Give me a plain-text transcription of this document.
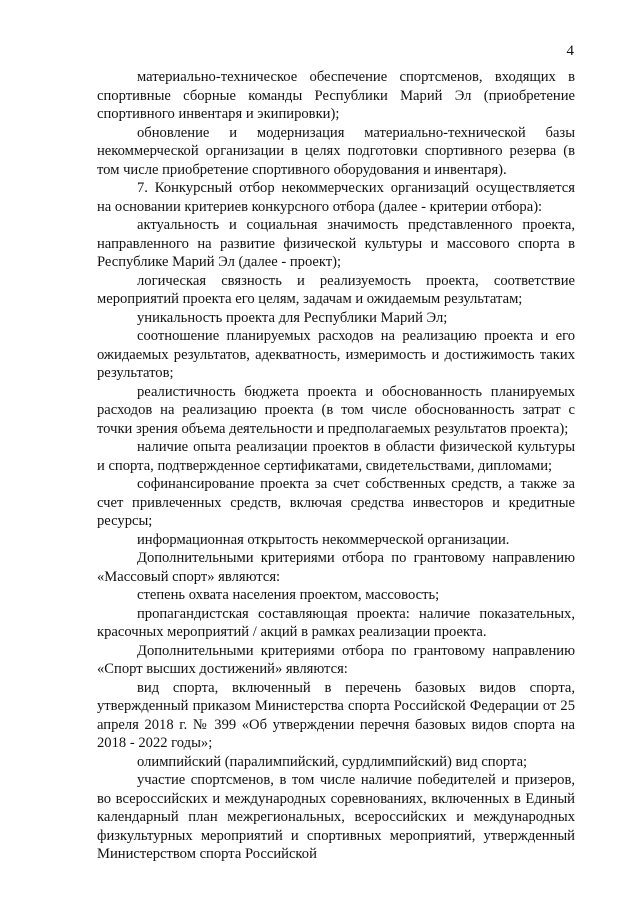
4

материально-техническое обеспечение спортсменов, входящих в спортивные сборные команды Республики Марий Эл (приобретение спортивного инвентаря и экипировки);

обновление и модернизация материально-технической базы некоммерческой организации в целях подготовки спортивного резерва (в том числе приобретение спортивного оборудования и инвентаря).

7. Конкурсный отбор некоммерческих организаций осуществляется на основании критериев конкурсного отбора (далее - критерии отбора):

актуальность и социальная значимость представленного проекта, направленного на развитие физической культуры и массового спорта в Республике Марий Эл (далее - проект);

логическая связность и реализуемость проекта, соответствие мероприятий проекта его целям, задачам и ожидаемым результатам;

уникальность проекта для Республики Марий Эл;

соотношение планируемых расходов на реализацию проекта и его ожидаемых результатов, адекватность, измеримость и достижимость таких результатов;

реалистичность бюджета проекта и обоснованность планируемых расходов на реализацию проекта (в том числе обоснованность затрат с точки зрения объема деятельности и предполагаемых результатов проекта);

наличие опыта реализации проектов в области физической культуры и спорта, подтвержденное сертификатами, свидетельствами, дипломами;

софинансирование проекта за счет собственных средств, а также за счет привлеченных средств, включая средства инвесторов и кредитные ресурсы;

информационная открытость некоммерческой организации.

Дополнительными критериями отбора по грантовому направлению «Массовый спорт» являются:

степень охвата населения проектом, массовость;

пропагандистская составляющая проекта: наличие показательных, красочных мероприятий / акций в рамках реализации проекта.

Дополнительными критериями отбора по грантовому направлению «Спорт высших достижений» являются:

вид спорта, включенный в перечень базовых видов спорта, утвержденный приказом Министерства спорта Российской Федерации от 25 апреля 2018 г. № 399 «Об утверждении перечня базовых видов спорта на 2018 - 2022 годы»;

олимпийский (паралимпийский, сурдлимпийский) вид спорта;

участие спортсменов, в том числе наличие победителей и призеров, во всероссийских и международных соревнованиях, включенных в Единый календарный план межрегиональных, всероссийских и международных физкультурных мероприятий и спортивных мероприятий, утвержденный Министерством спорта Российской
